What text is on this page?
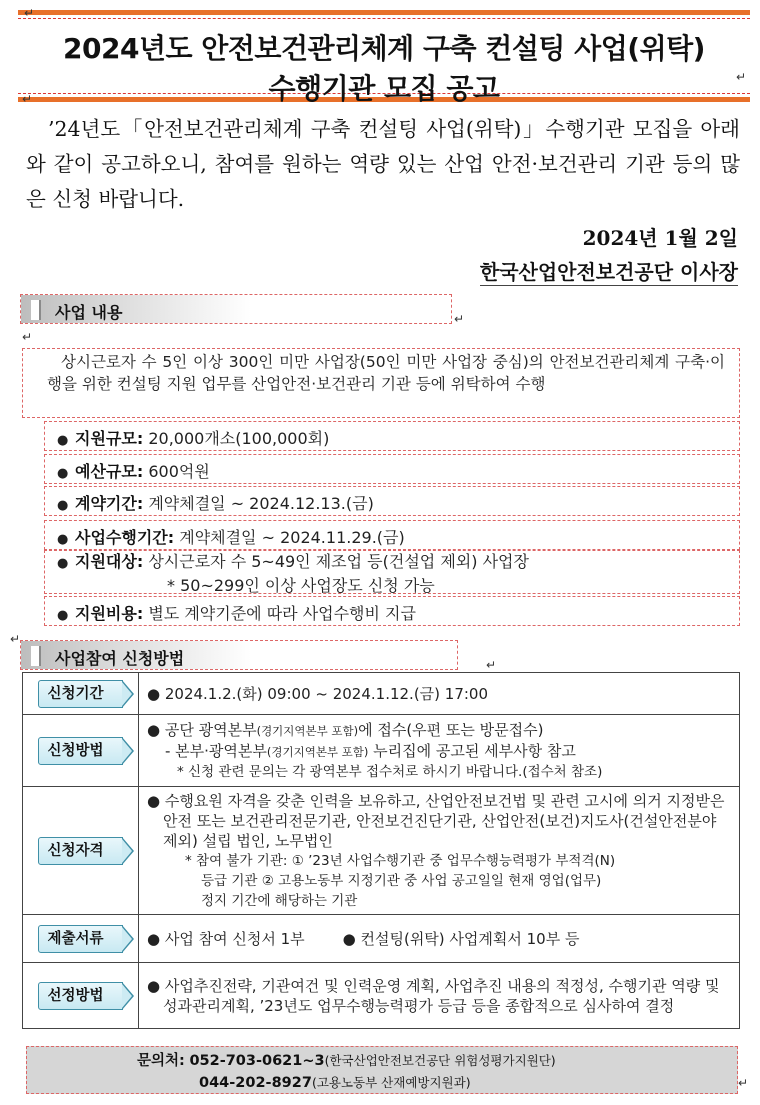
2024년도 안전보건관리체계 구축 컨설팅 사업(위탁)
수행기관 모집 공고
↵
↵
↵
’24년도「안전보건관리체계 구축 컨설팅 사업(위탁)」수행기관 모집을 아래와 같이 공고하오니, 참여를 원하는 역량 있는 산업 안전·보건관리 기관 등의 많은 신청 바랍니다.
2024년 1월 2일
한국산업안전보건공단 이사장
사업 내용	↵
↵
상시근로자 수 5인 이상 300인 미만 사업장(50인 미만 사업장 중심)의 안전보건관리체계 구축·이행을 위한 컨설팅 지원 업무를 산업안전·보건관리 기관 등에 위탁하여 수행
● 지원규모: 20,000개소(100,000회)
● 예산규모: 600억원
● 계약기간: 계약체결일 ~ 2024.12.13.(금)
● 사업수행기간: 계약체결일 ~ 2024.11.29.(금)
● 지원대상: 상시근로자 수 5~49인 제조업 등(건설업 제외) 사업장
* 50~299인 이상 사업장도 신청 가능
● 지원비용: 별도 계약기준에 따라 사업수행비 지급
↵
사업참여 신청방법	↵
신청기간	● 2024.1.2.(화) 09:00 ~ 2024.1.12.(금) 17:00
신청방법	● 공단 광역본부(경기지역본부 포함)에 접수(우편 또는 방문접수)
- 본부·광역본부(경기지역본부 포함) 누리집에 공고된 세부사항 참고
* 신청 관련 문의는 각 광역본부 접수처로 하시기 바랍니다.(접수처 참조)

신청자격	● 수행요원 자격을 갖춘 인력을 보유하고, 산업안전보건법 및 관련 고시에 의거 지정받은 안전 또는 보건관리전문기관, 안전보건진단기관, 산업안전(보건)지도사(건설안전분야 제외) 설립 법인, 노무법인
* 참여 불가 기관: ① ’23년 사업수행기관 중 업무수행능력평가 부적격(N)
등급 기관 ② 고용노동부 지정기관 중 사업 공고일일 현재 영업(업무)
정지 기간에 해당하는 기관

제출서류	● 사업 참여 신청서 1부 ● 컨설팅(위탁) 사업계획서 10부 등
선정방법	● 사업추진전략, 기관여건 및 인력운영 계획, 사업추진 내용의 적정성, 수행기관 역량 및 성과관리계획, ’23년도 업무수행능력평가 등급 등을 종합적으로 심사하여 결정
문의처: 052-703-0621~3(한국산업안전보건공단 위험성평가지원단)
044-202-8927(고용노동부 산재예방지원과)	↵
